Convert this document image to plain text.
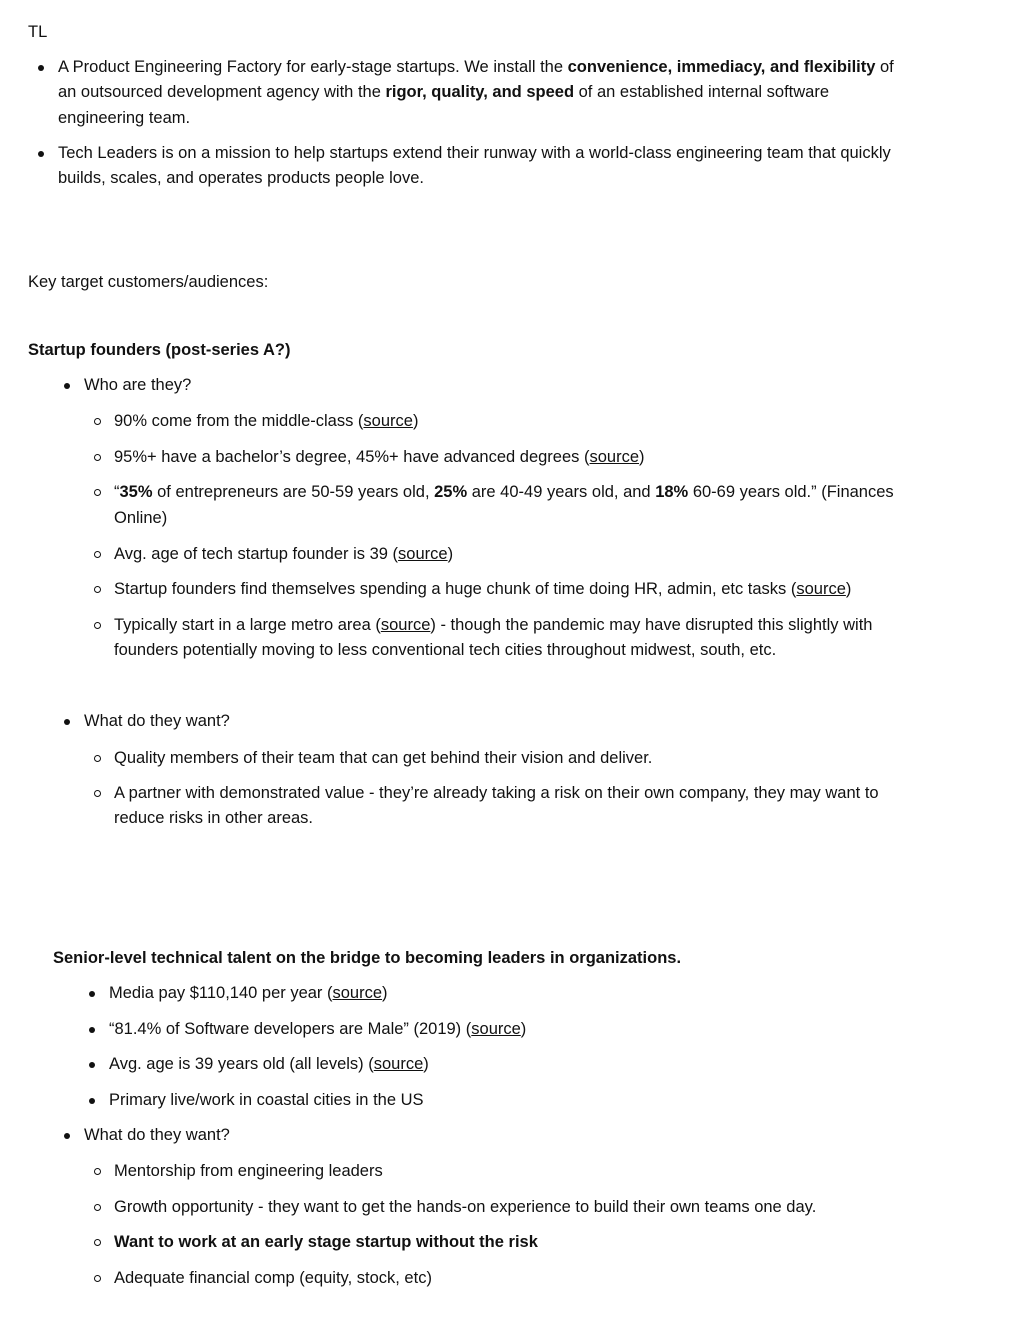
TL
A Product Engineering Factory for early-stage startups. We install the convenience, immediacy, and flexibility of
an outsourced development agency with the rigor, quality, and speed of an established internal software
engineering team.
Tech Leaders is on a mission to help startups extend their runway with a world-class engineering team that quickly
builds, scales, and operates products people love.
Key target customers/audiences:
Startup founders (post-series A?)
Who are they?
90% come from the middle-class (source)
95%+ have a bachelor’s degree, 45%+ have advanced degrees (source)
“35% of entrepreneurs are 50-59 years old, 25% are 40-49 years old, and 18% 60-69 years old.” (Finances
Online)
Avg. age of tech startup founder is 39 (source)
Startup founders find themselves spending a huge chunk of time doing HR, admin, etc tasks (source)
Typically start in a large metro area (source) - though the pandemic may have disrupted this slightly with
founders potentially moving to less conventional tech cities throughout midwest, south, etc.
What do they want?
Quality members of their team that can get behind their vision and deliver.
A partner with demonstrated value - they’re already taking a risk on their own company, they may want to
reduce risks in other areas.
Senior-level technical talent on the bridge to becoming leaders in organizations.
Media pay $110,140 per year (source)
“81.4% of Software developers are Male” (2019) (source)
Avg. age is 39 years old (all levels) (source)
Primary live/work in coastal cities in the US
What do they want?
Mentorship from engineering leaders
Growth opportunity - they want to get the hands-on experience to build their own teams one day.
Want to work at an early stage startup without the risk
Adequate financial comp (equity, stock, etc)
